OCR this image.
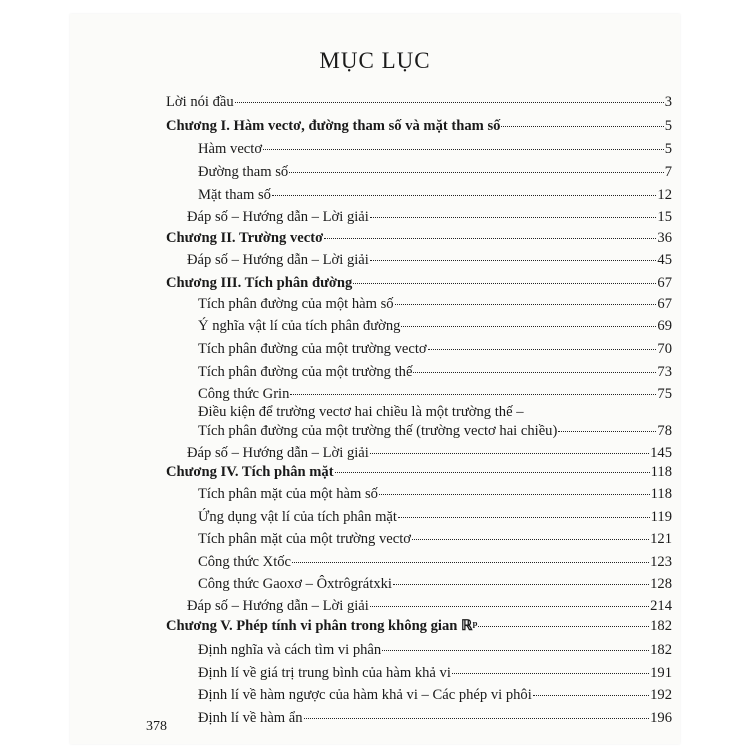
MỤC LỤC
Lời nói đầu	3
Chương I. Hàm vectơ, đường tham số và mặt tham số	5
Hàm vectơ	5
Đường tham số	7
Mặt tham số	12
Đáp số – Hướng dẫn – Lời giải	15
Chương II. Trường vectơ	36
Đáp số – Hướng dẫn – Lời giải	45
Chương III. Tích phân đường	67
Tích phân đường của một hàm số	67
Ý nghĩa vật lí của tích phân đường	69
Tích phân đường của một trường vectơ	70
Tích phân đường của một trường thế	73
Công thức Grin	75
Điều kiện để trường vectơ hai chiều là một trường thế –
Tích phân đường của một trường thế (trường vectơ hai chiều)	78
Đáp số – Hướng dẫn – Lời giải	145
Chương IV. Tích phân mặt	118
Tích phân mặt của một hàm số	118
Ứng dụng vật lí của tích phân mặt	119
Tích phân mặt của một trường vectơ	121
Công thức Xtốc	123
Công thức Gaoxơ – Ôxtrôgrátxki	128
Đáp số – Hướng dẫn – Lời giải	214
Chương V. Phép tính vi phân trong không gian ℝᵖ	182
Định nghĩa và cách tìm vi phân	182
Định lí về giá trị trung bình của hàm khả vi	191
Định lí về hàm ngược của hàm khả vi – Các phép vi phôi	192
Định lí về hàm ẩn	196
378
